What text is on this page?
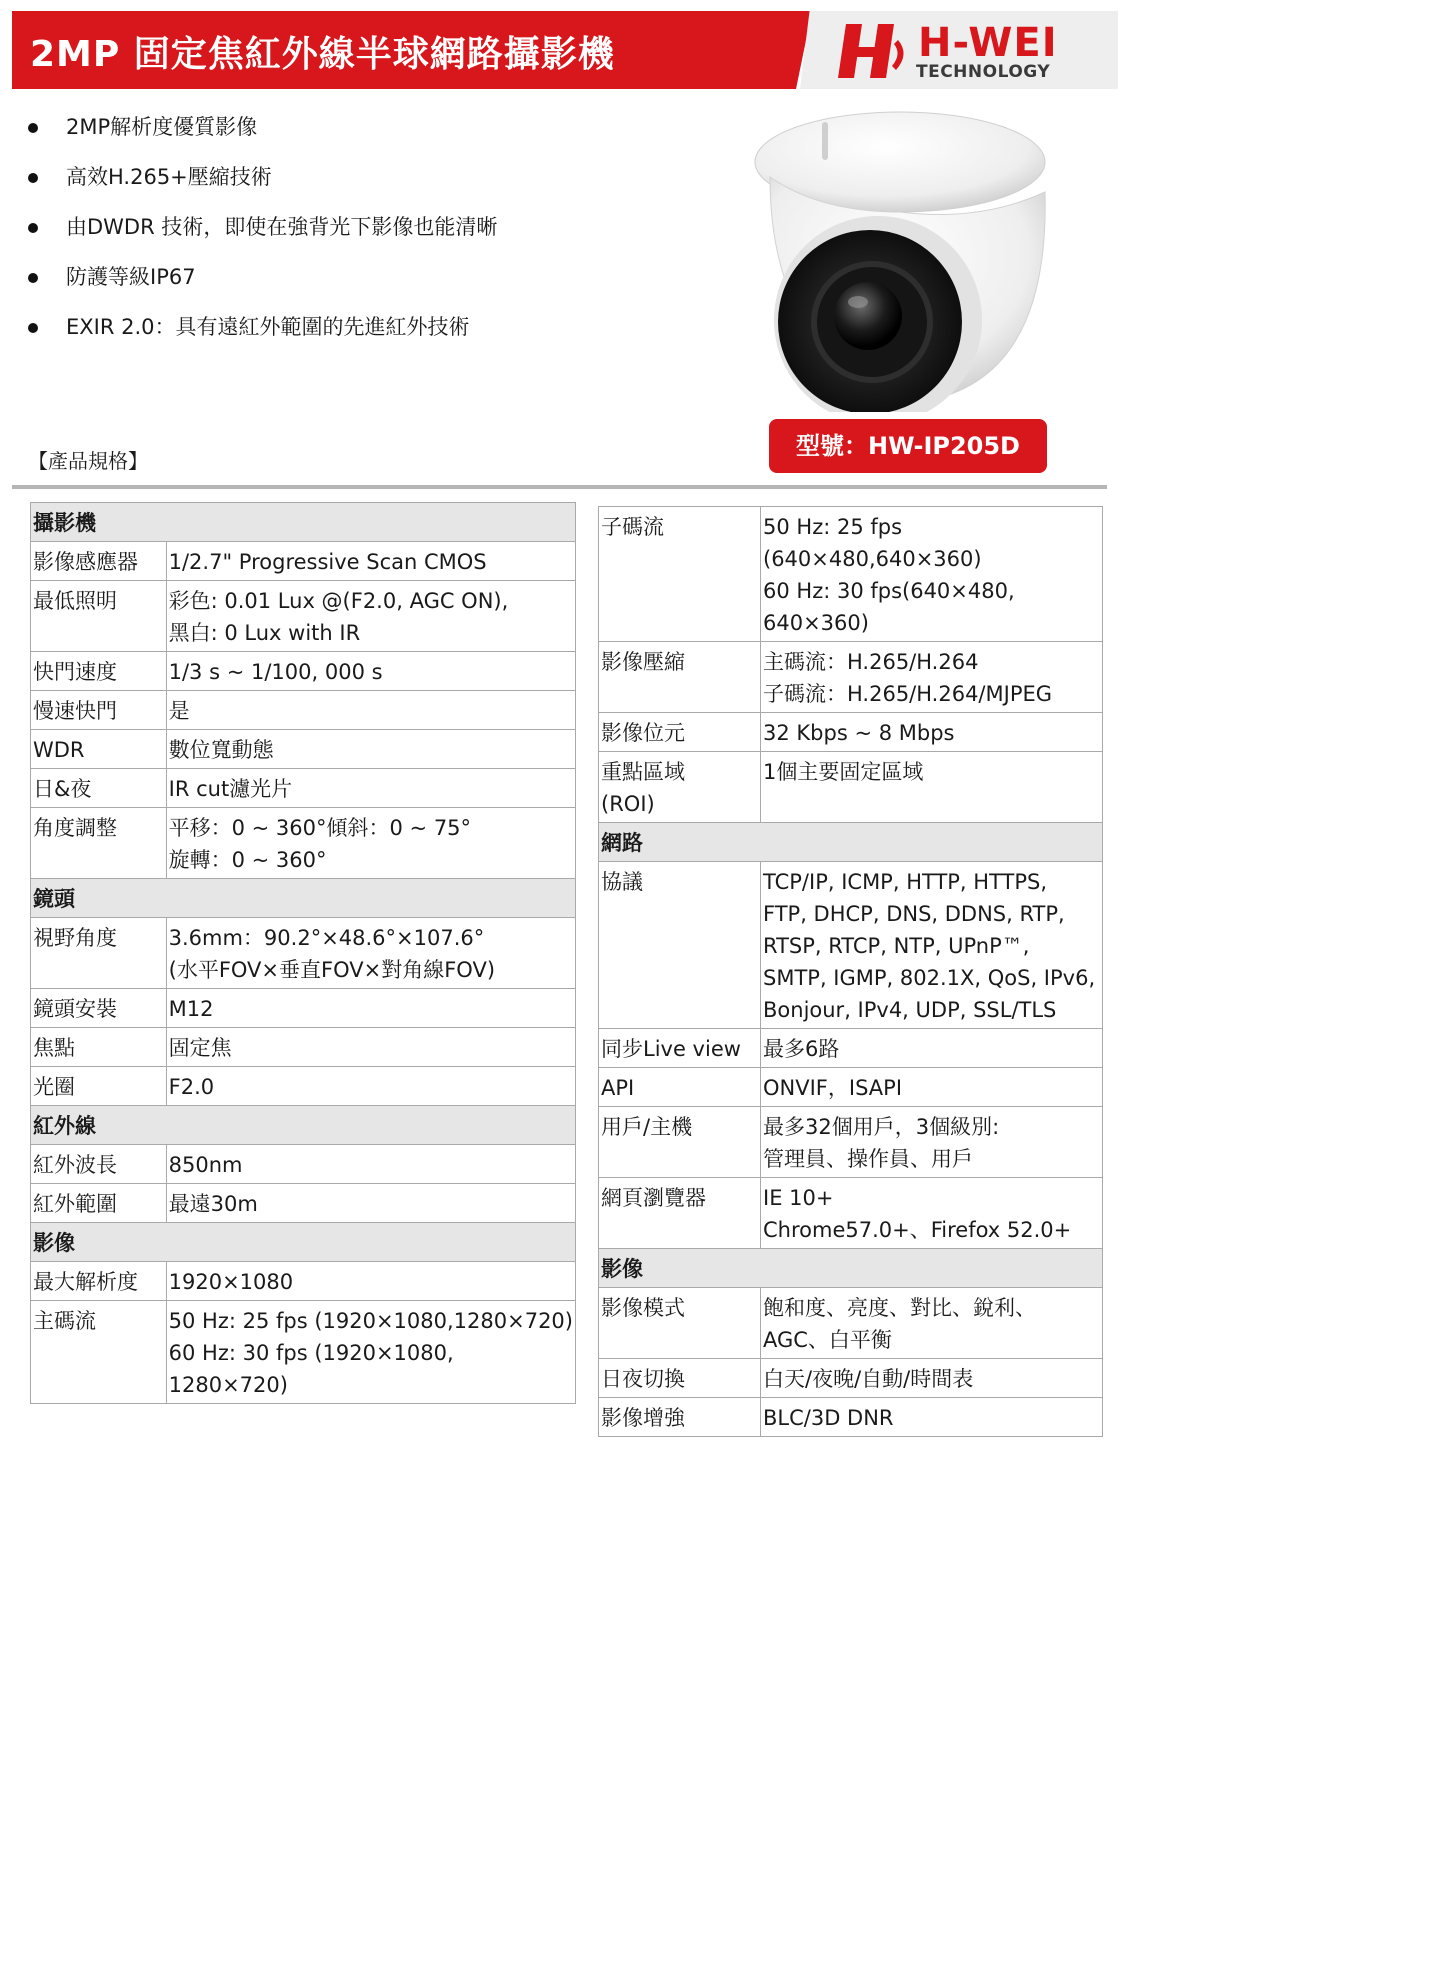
2MP 固定焦紅外線半球網路攝影機	H-WEI
TECHNOLOGY
2MP解析度優質影像
高效H.265+壓縮技術
由DWDR 技術，即使在強背光下影像也能清晰
防護等級IP67
EXIR 2.0：具有遠紅外範圍的先進紅外技術
【產品規格】
型號：HW-IP205D
攝影機	

影像感應器	1/2.7" Progressive Scan CMOS

最低照明	彩色: 0.01 Lux @(F2.0, AGC ON),
黑白: 0 Lux with IR

快門速度	1/3 s ~ 1/100, 000 s

慢速快門	是

WDR	數位寬動態

日&夜	IR cut濾光片

角度調整	平移：0 ~ 360°傾斜：0 ~ 75°
旋轉：0 ~ 360°

鏡頭	

視野角度	3.6mm：90.2°×48.6°×107.6°
(水平FOV×垂直FOV×對角線FOV)

鏡頭安裝	M12

焦點	固定焦

光圈	F2.0

紅外線	

紅外波長	850nm

紅外範圍	最遠30m

影像	

最大解析度	1920×1080

主碼流	50 Hz: 25 fps (1920×1080,1280×720)
60 Hz: 30 fps (1920×1080,
1280×720)
子碼流	50 Hz: 25 fps
(640×480,640×360)
60 Hz: 30 fps(640×480,
640×360)

影像壓縮	主碼流：H.265/H.264
子碼流：H.265/H.264/MJPEG

影像位元	32 Kbps ~ 8 Mbps

重點區域
(ROI)	1個主要固定區域

網路	

協議	TCP/IP, ICMP, HTTP, HTTPS,
FTP, DHCP, DNS, DDNS, RTP,
RTSP, RTCP, NTP, UPnP™,
SMTP, IGMP, 802.1X, QoS, IPv6,
Bonjour, IPv4, UDP, SSL/TLS

同步Live view	最多6路

API	ONVIF，ISAPI

用戶/主機	最多32個用戶，3個級別:
管理員、操作員、用戶

網頁瀏覽器	IE 10+
Chrome57.0+、Firefox 52.0+

影像	

影像模式	飽和度、亮度、對比、銳利、
AGC、白平衡

日夜切換	白天/夜晚/自動/時間表

影像增強	BLC/3D DNR
